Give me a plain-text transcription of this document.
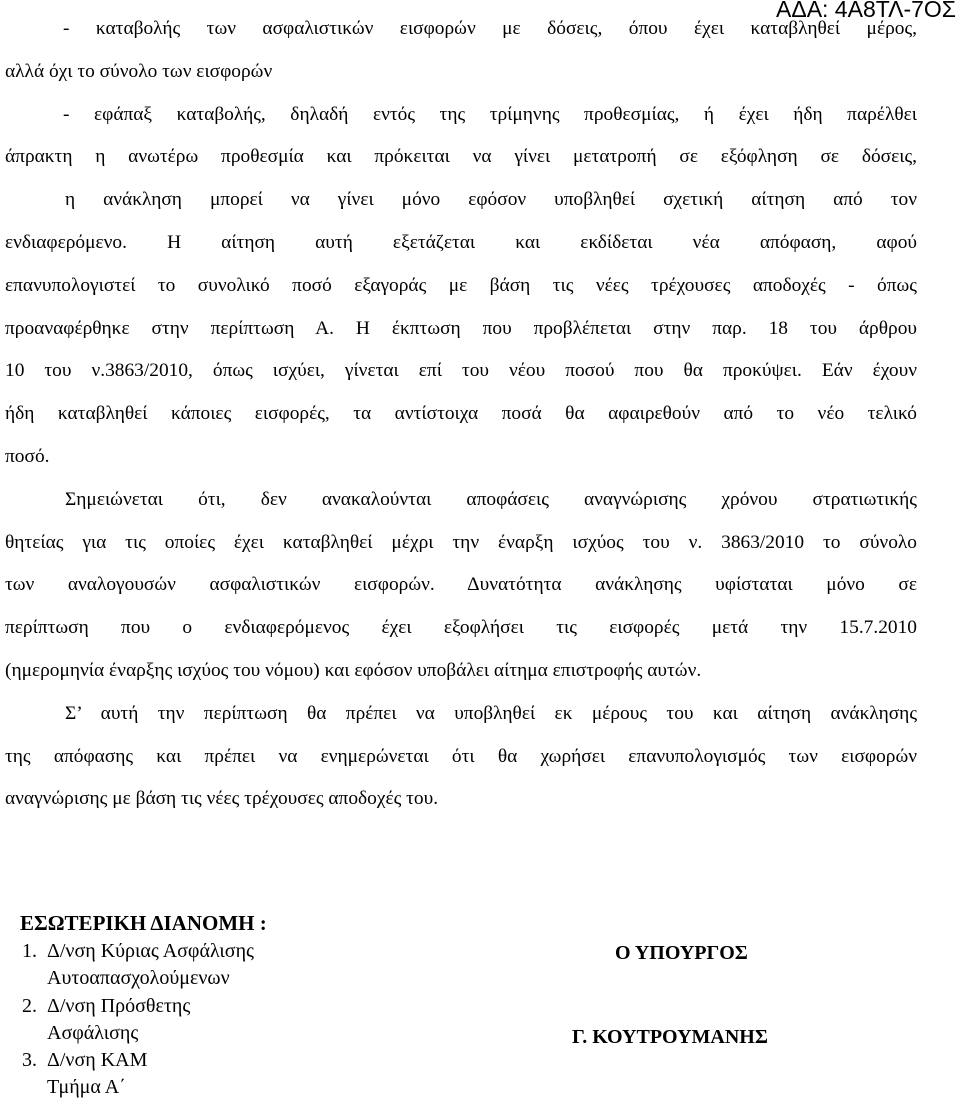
ΑΔΑ: 4Α8ΤΛ-7ΟΣ
- καταβολής των ασφαλιστικών εισφορών με δόσεις, όπου έχει καταβληθεί μέρος,
αλλά όχι το σύνολο των εισφορών
- εφάπαξ καταβολής, δηλαδή εντός της τρίμηνης προθεσμίας, ή έχει ήδη παρέλθει
άπρακτη η ανωτέρω προθεσμία και πρόκειται να γίνει μετατροπή σε εξόφληση σε δόσεις,
η ανάκληση μπορεί να γίνει μόνο εφόσον υποβληθεί σχετική αίτηση από τον
ενδιαφερόμενο. Η αίτηση αυτή εξετάζεται και εκδίδεται νέα απόφαση, αφού
επανυπολογιστεί το συνολικό ποσό εξαγοράς με βάση τις νέες τρέχουσες αποδοχές - όπως
προαναφέρθηκε στην περίπτωση Α. Η έκπτωση που προβλέπεται στην παρ. 18 του άρθρου
10 του ν.3863/2010, όπως ισχύει, γίνεται επί του νέου ποσού που θα προκύψει. Εάν έχουν
ήδη καταβληθεί κάποιες εισφορές, τα αντίστοιχα ποσά θα αφαιρεθούν από το νέο τελικό
ποσό.
Σημειώνεται ότι, δεν ανακαλούνται αποφάσεις αναγνώρισης χρόνου στρατιωτικής
θητείας για τις οποίες έχει καταβληθεί μέχρι την έναρξη ισχύος του ν. 3863/2010 το σύνολο
των αναλογουσών ασφαλιστικών εισφορών. Δυνατότητα ανάκλησης υφίσταται μόνο σε
περίπτωση που ο ενδιαφερόμενος έχει εξοφλήσει τις εισφορές μετά την 15.7.2010
(ημερομηνία έναρξης ισχύος του νόμου) και εφόσον υποβάλει αίτημα επιστροφής αυτών.
Σ’ αυτή την περίπτωση θα πρέπει να υποβληθεί εκ μέρους του και αίτηση ανάκλησης
της απόφασης και πρέπει να ενημερώνεται ότι θα χωρήσει επανυπολογισμός των εισφορών
αναγνώρισης με βάση τις νέες τρέχουσες αποδοχές του.
ΕΣΩΤΕΡΙΚΗ ΔΙΑΝΟΜΗ :
1. Δ/νση Κύριας Ασφάλισης
Αυτοαπασχολούμενων
2. Δ/νση Πρόσθετης
Ασφάλισης
3. Δ/νση ΚΑΜ
Τμήμα Α΄
Ο ΥΠΟΥΡΓΟΣ
Γ. ΚΟΥΤΡΟΥΜΑΝΗΣ
